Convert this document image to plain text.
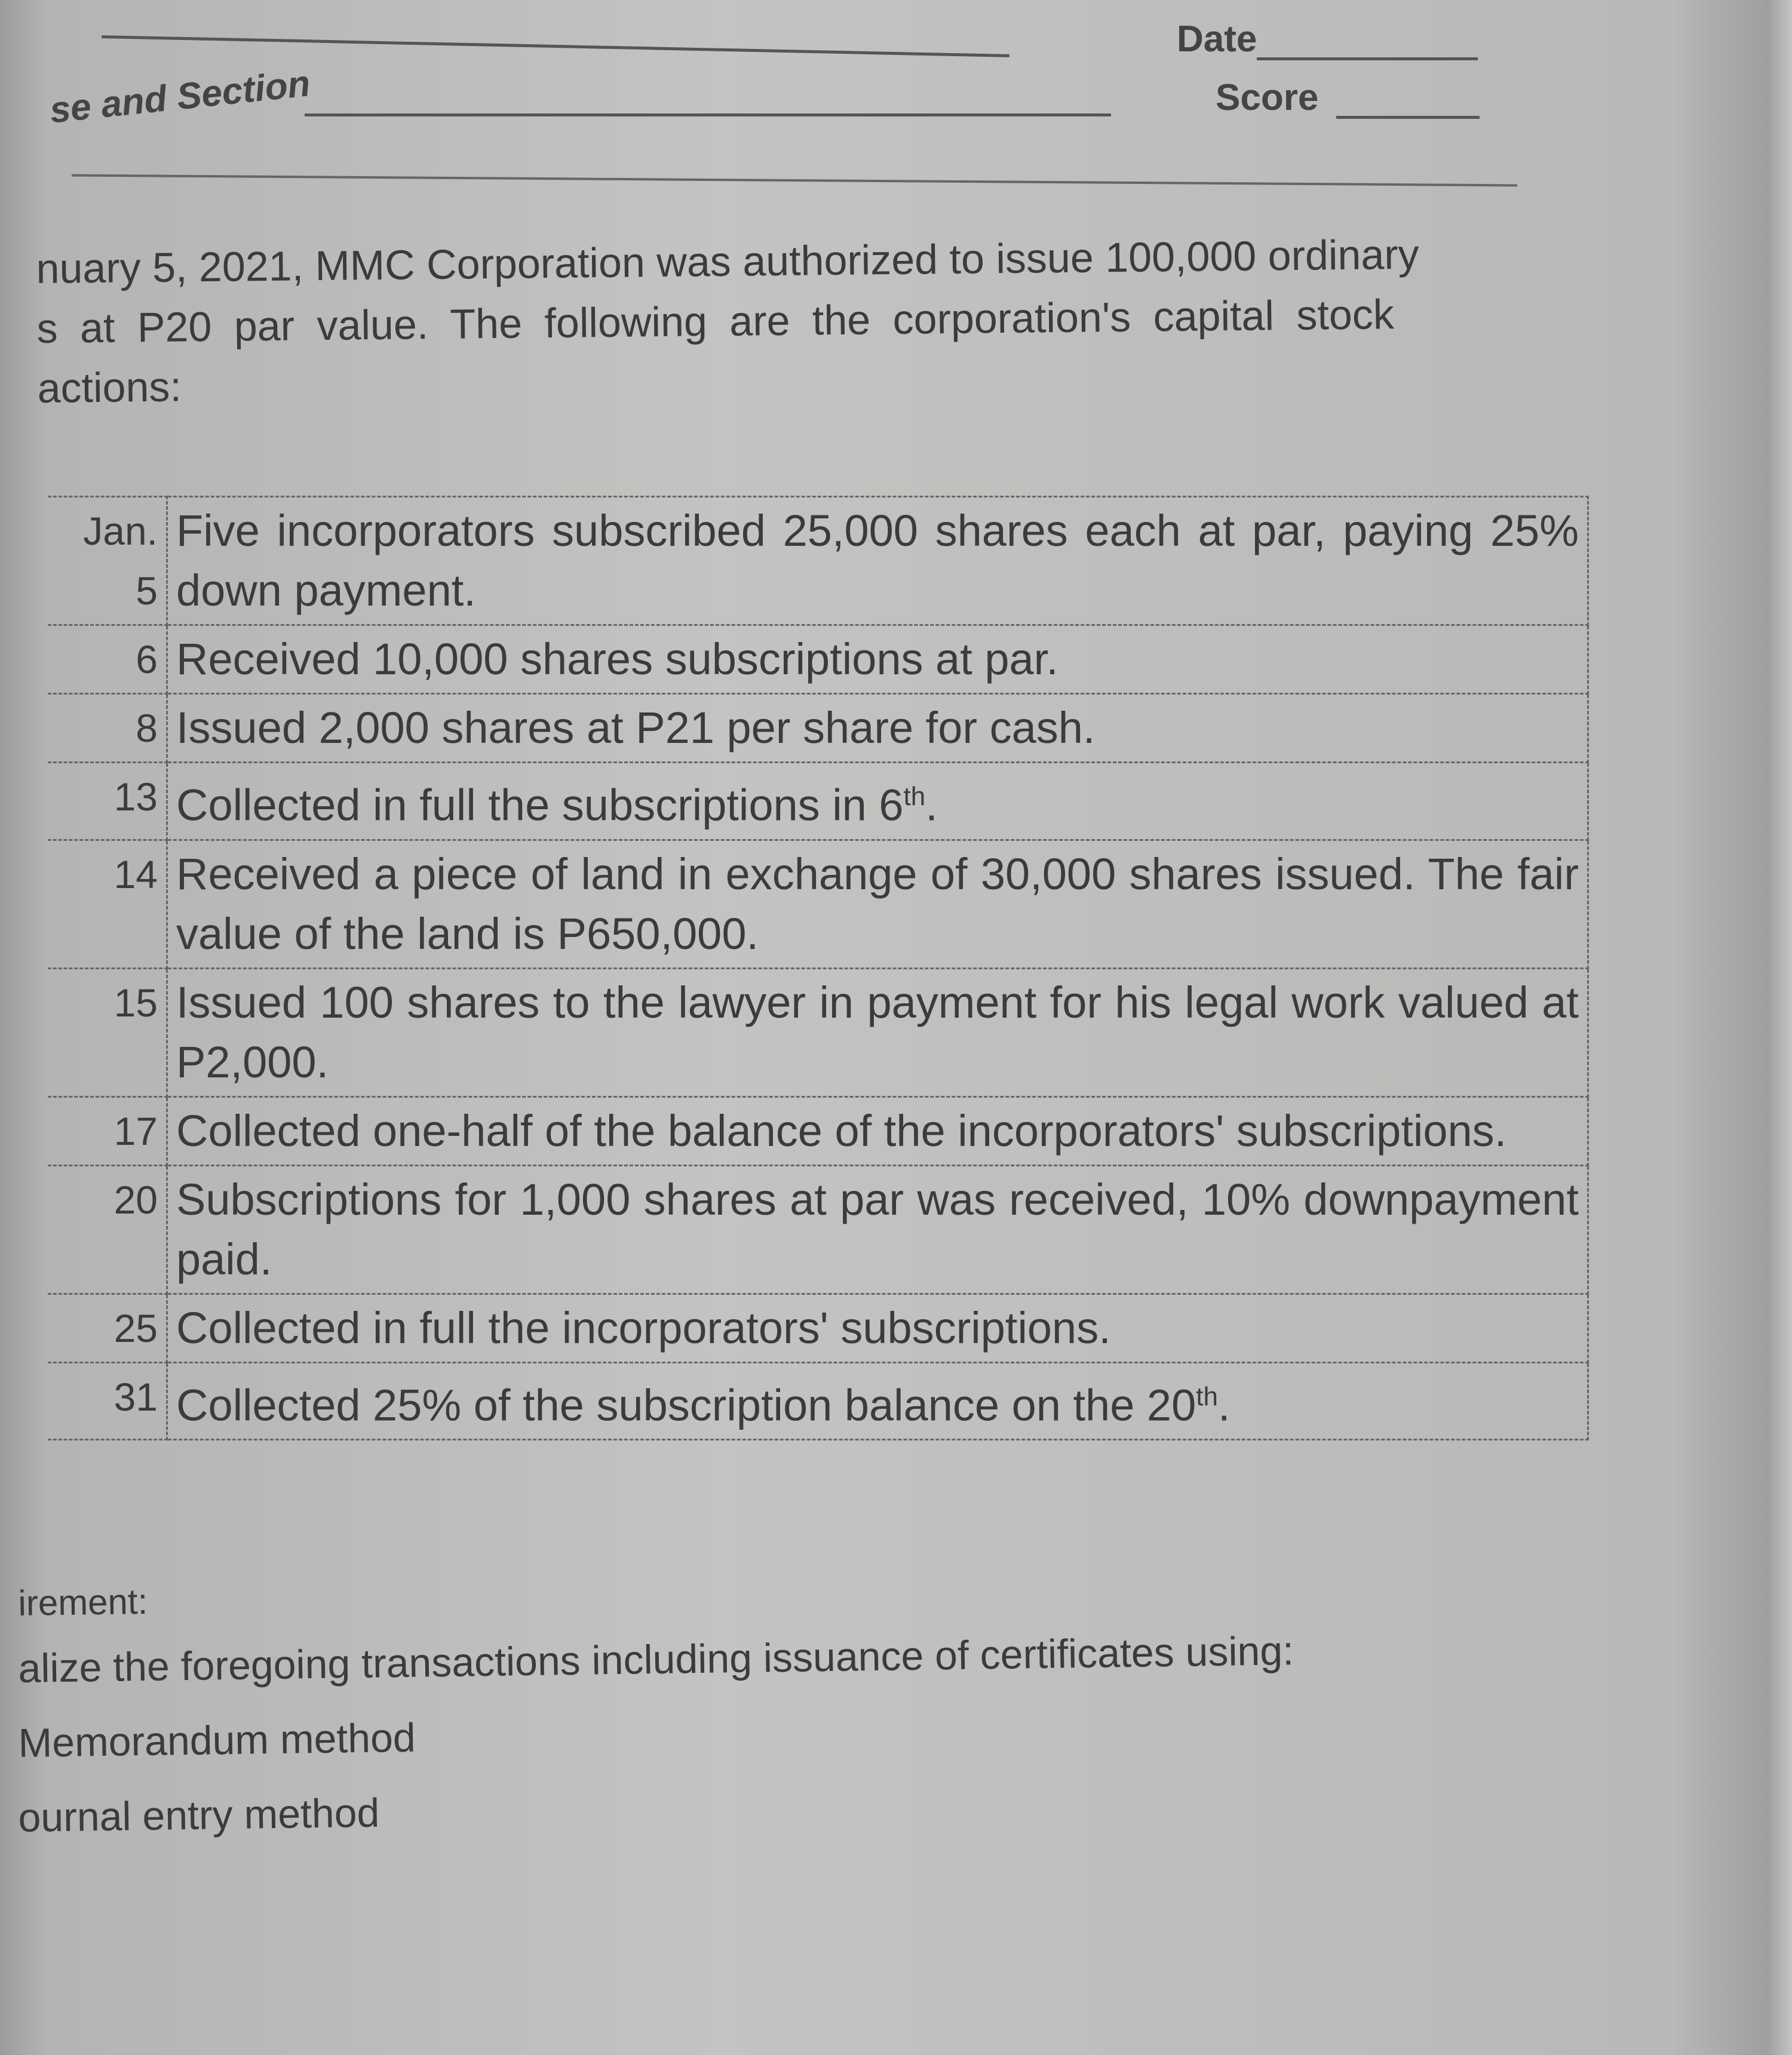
Date
Score
se and Section
nuary 5, 2021, MMC Corporation was authorized to issue 100,000 ordinary
s at P20 par value. The following are the corporation's capital stock
actions:
Jan. 5	Five incorporators subscribed 25,000 shares each at par, paying 25% down payment.
6	Received 10,000 shares subscriptions at par.
8	Issued 2,000 shares at P21 per share for cash.
13	Collected in full the subscriptions in 6th.
14	Received a piece of land in exchange of 30,000 shares issued. The fair value of the land is P650,000.
15	Issued 100 shares to the lawyer in payment for his legal work valued at P2,000.
17	Collected one-half of the balance of the incorporators' subscriptions.
20	Subscriptions for 1,000 shares at par was received, 10% downpayment paid.
25	Collected in full the incorporators' subscriptions.
31	Collected 25% of the subscription balance on the 20th.
irement:
alize the foregoing transactions including issuance of certificates using:
Memorandum method
ournal entry method
